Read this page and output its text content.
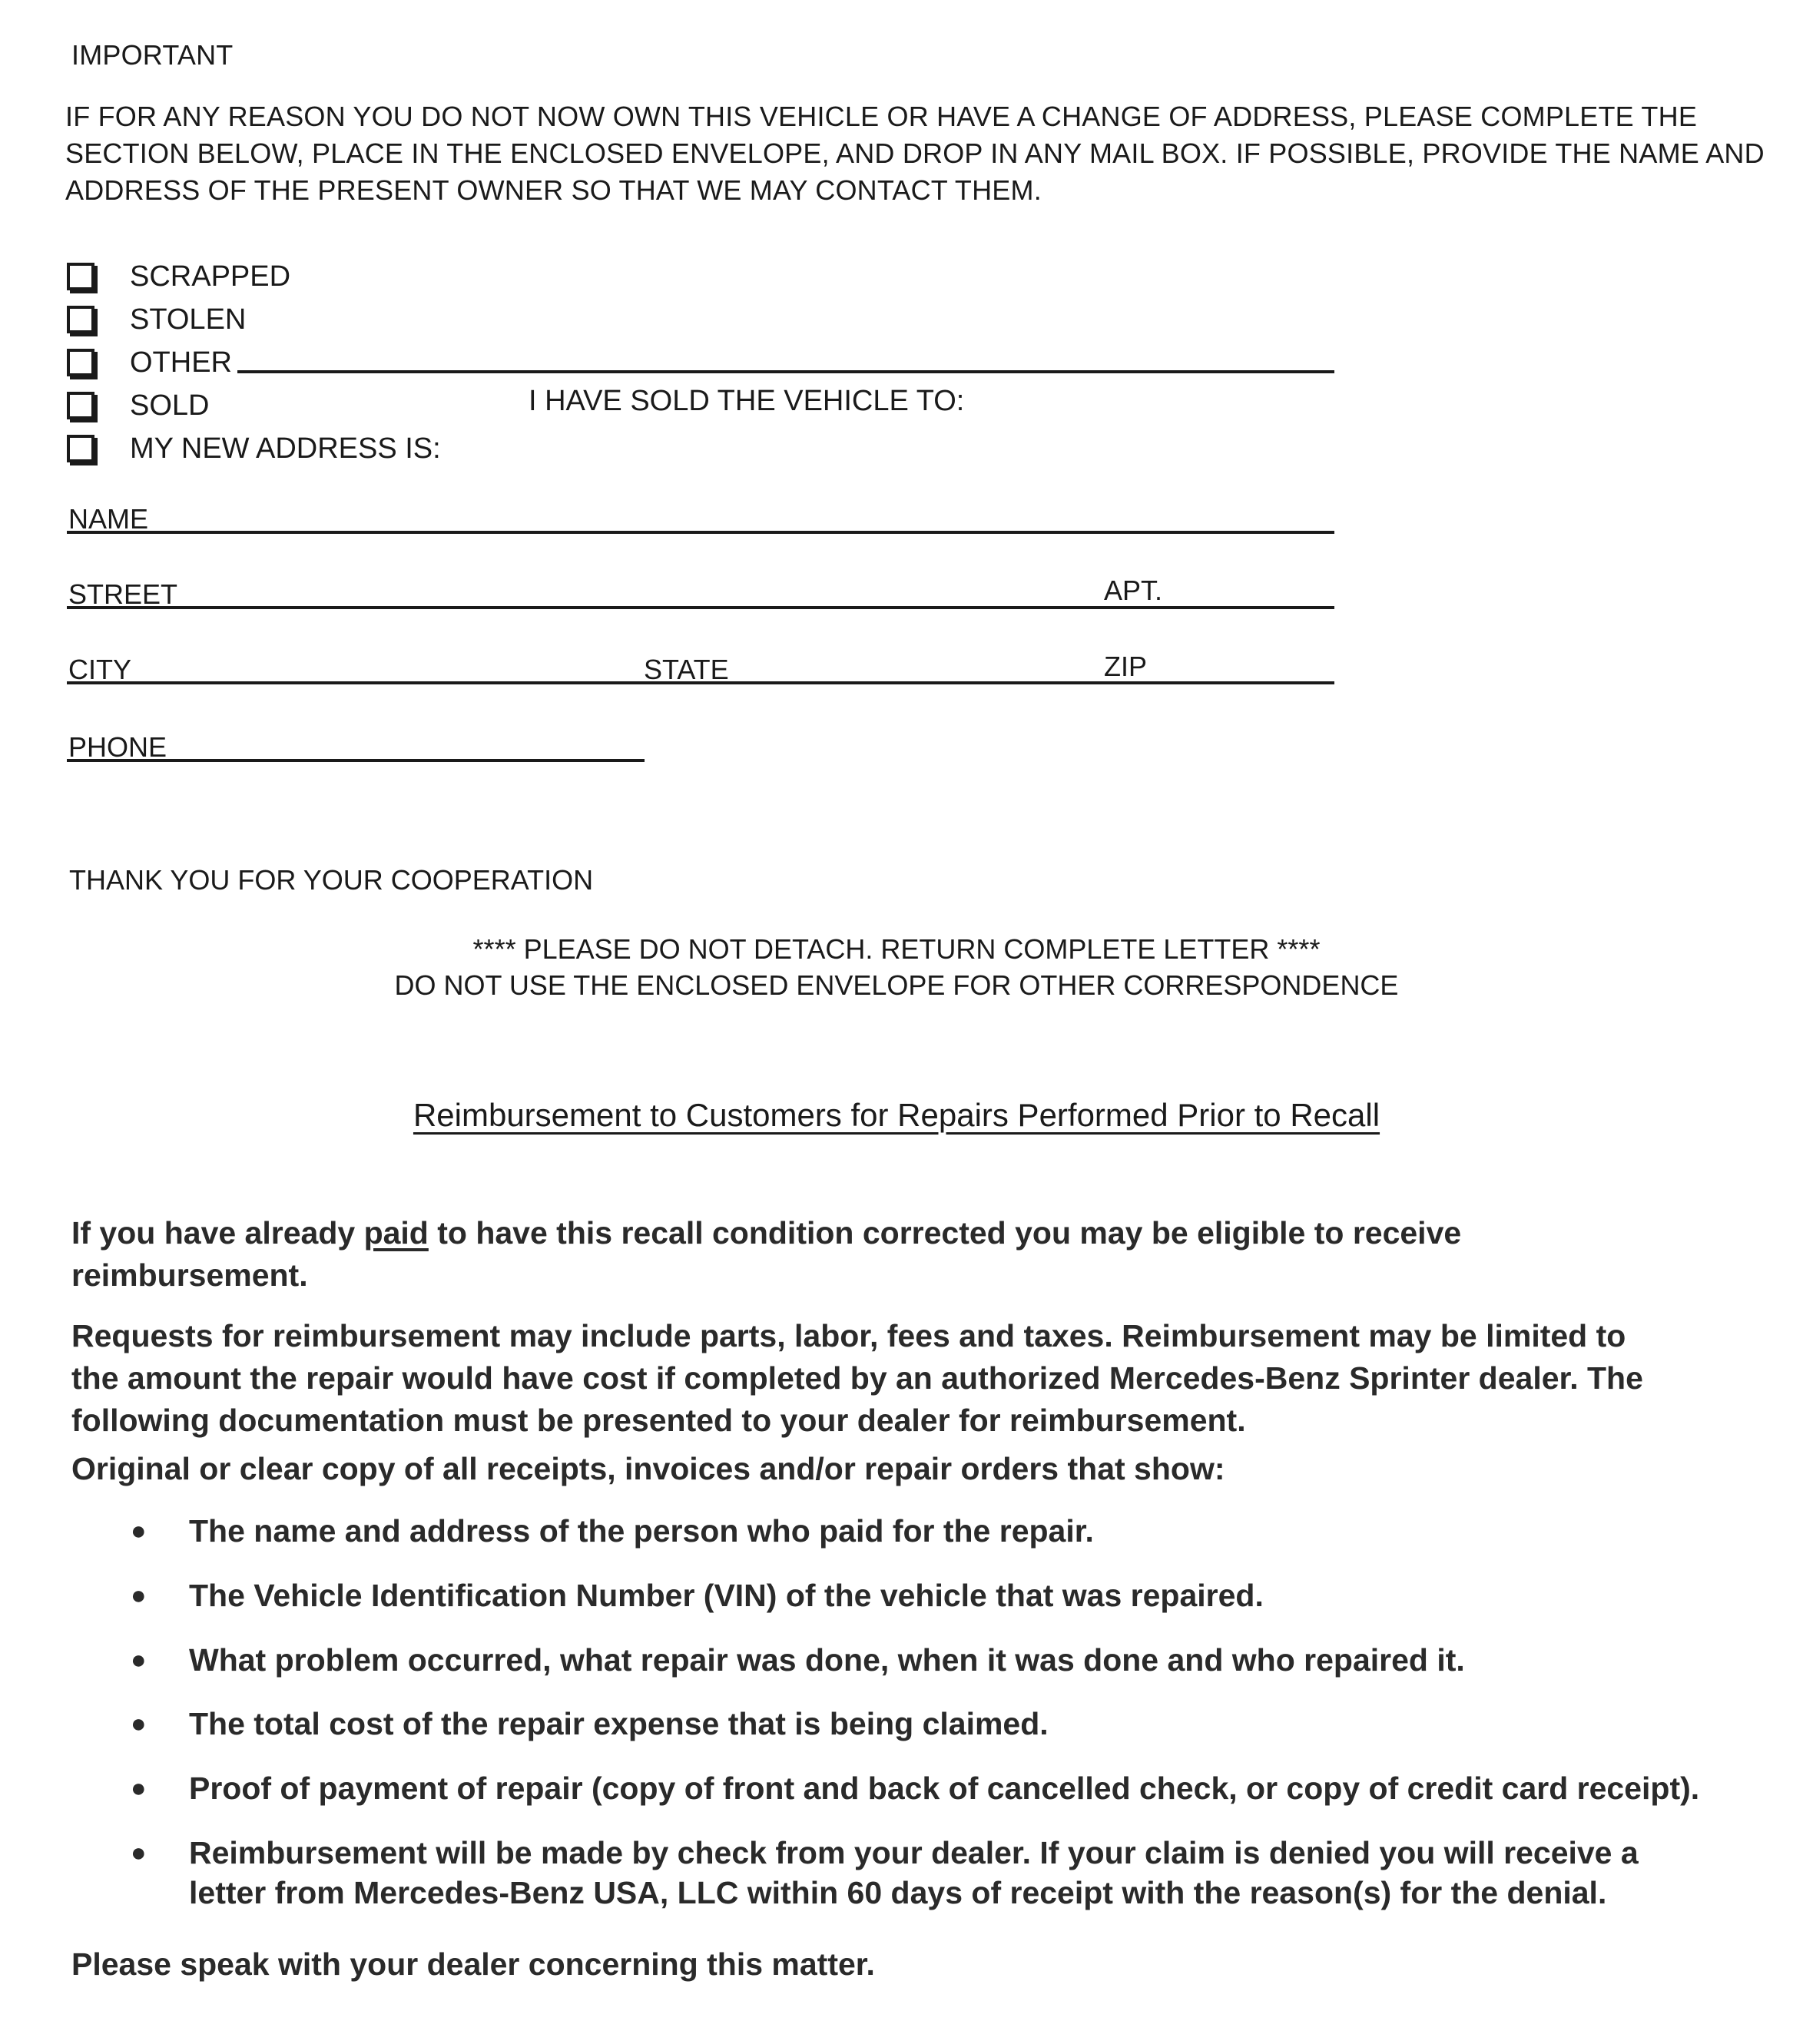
IMPORTANT
IF FOR ANY REASON YOU DO NOT NOW OWN THIS VEHICLE OR HAVE A CHANGE OF ADDRESS, PLEASE COMPLETE THE
SECTION BELOW, PLACE IN THE ENCLOSED ENVELOPE, AND DROP IN ANY MAIL BOX. IF POSSIBLE, PROVIDE THE NAME AND
ADDRESS OF THE PRESENT OWNER SO THAT WE MAY CONTACT THEM.
SCRAPPED
STOLEN
OTHER
SOLD	I HAVE SOLD THE VEHICLE TO:
MY NEW ADDRESS IS:
NAME
STREET	APT.
CITY	STATE	ZIP
PHONE
THANK YOU FOR YOUR COOPERATION
**** PLEASE DO NOT DETACH. RETURN COMPLETE LETTER ****
DO NOT USE THE ENCLOSED ENVELOPE FOR OTHER CORRESPONDENCE
Reimbursement to Customers for Repairs Performed Prior to Recall
If you have already paid to have this recall condition corrected you may be eligible to receive
reimbursement.
Requests for reimbursement may include parts, labor, fees and taxes. Reimbursement may be limited to
the amount the repair would have cost if completed by an authorized Mercedes-Benz Sprinter dealer. The
following documentation must be presented to your dealer for reimbursement.
Original or clear copy of all receipts, invoices and/or repair orders that show:
●	The name and address of the person who paid for the repair.
●	The Vehicle Identification Number (VIN) of the vehicle that was repaired.
●	What problem occurred, what repair was done, when it was done and who repaired it.
●	The total cost of the repair expense that is being claimed.
●	Proof of payment of repair (copy of front and back of cancelled check, or copy of credit card receipt).
●	Reimbursement will be made by check from your dealer. If your claim is denied you will receive a
letter from Mercedes-Benz USA, LLC within 60 days of receipt with the reason(s) for the denial.
Please speak with your dealer concerning this matter.
